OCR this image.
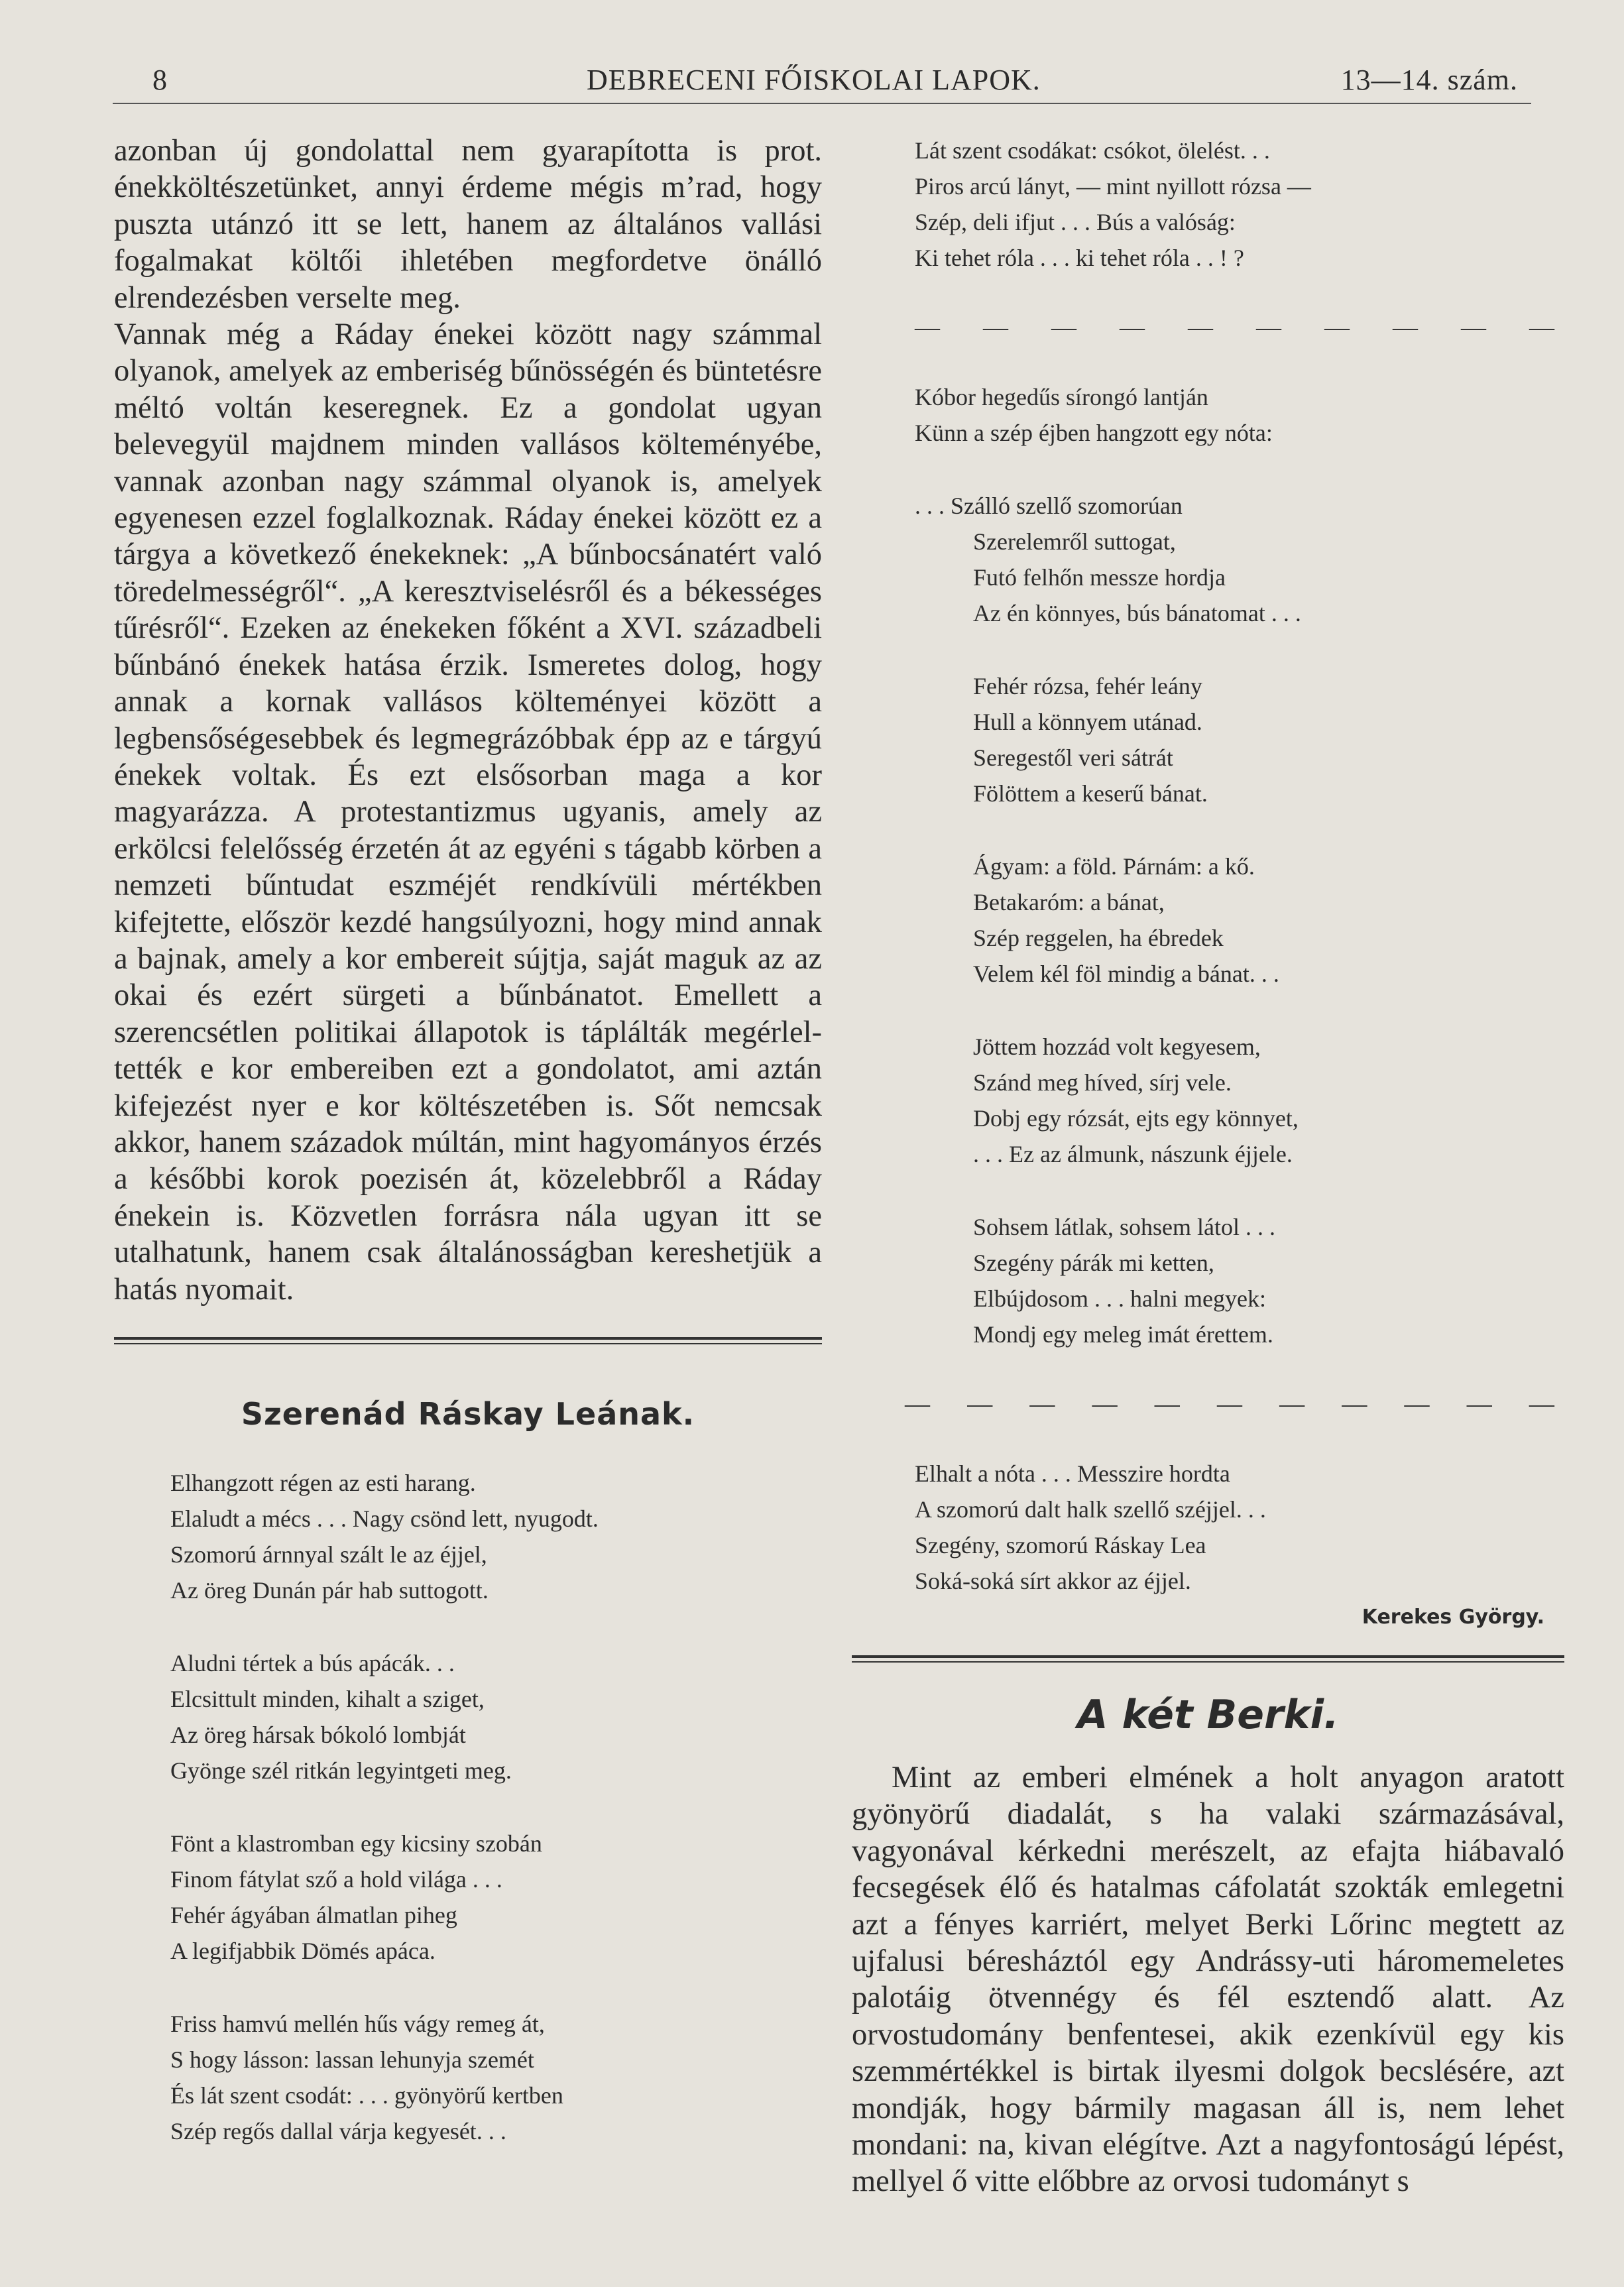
8	DEBRECENI FŐISKOLAI LAPOK.	13—14. szám.

azonban új gondolattal nem gyarapította is prot. énekköltészetünket, annyi érdeme mégis m’rad, hogy puszta utánzó itt se lett, hanem az általános vallási fogalmakat költői ihletében megfordetve önálló elrendezésben verselte meg.

Vannak még a Ráday énekei között nagy számmal olyanok, amelyek az emberiség bűnösségén és büntetésre méltó voltán keseregnek. Ez a gondolat ugyan belevegyül majdnem minden vallásos költeményébe, vannak azonban nagy számmal olyanok is, amelyek egyenesen ezzel foglalkoznak. Ráday énekei között ez a tárgya a következő énekeknek: „A bűnbocsánatért való töredelmességről“. „A keresztviselésről és a békességes tűrésről“. Ezeken az énekeken főként a XVI. századbeli bűnbánó énekek hatása érzik. Ismeretes dolog, hogy annak a kornak vallásos költeményei között a legbensőségesebbek és legmegrázóbbak épp az e tárgyú énekek voltak. És ezt elsősorban maga a kor magyarázza. A protestantizmus ugyanis, amely az erkölcsi felelősség érzetén át az egyéni s tágabb körben a nemzeti bűntudat eszméjét rendkívüli mértékben kifejtette, először kezdé hangsúlyozni, hogy mind annak a bajnak, amely a kor embereit sújtja, saját maguk az az okai és ezért sürgeti a bűnbánatot. Emellett a szerencsétlen politikai állapotok is táplálták megérlel-tették e kor embereiben ezt a gondolatot, ami aztán kifejezést nyer e kor költészetében is. Sőt nemcsak akkor, hanem századok múltán, mint hagyományos érzés a későbbi korok poezisén át, közelebbről a Ráday énekein is. Közvetlen forrásra nála ugyan itt se utalhatunk, hanem csak általánosságban kereshetjük a hatás nyomait.

Szerenád Ráskay Leának.
Elhangzott régen az esti harang.
Elaludt a mécs . . . Nagy csönd lett, nyugodt.
Szomorú árnnyal szált le az éjjel,
Az öreg Dunán pár hab suttogott.
Aludni tértek a bús apácák. . .
Elcsittult minden, kihalt a sziget,
Az öreg hársak bókoló lombját
Gyönge szél ritkán legyintgeti meg.
Fönt a klastromban egy kicsiny szobán
Finom fátylat sző a hold világa . . .
Fehér ágyában álmatlan piheg
A legifjabbik Dömés apáca.
Friss hamvú mellén hűs vágy remeg át,
S hogy lásson: lassan lehunyja szemét
És lát szent csodát: . . . gyönyörű kertben
Szép regős dallal várja kegyesét. . .
Lát szent csodákat: csókot, ölelést. . .
Piros arcú lányt, — mint nyillott rózsa —
Szép, deli ifjut . . . Bús a valóság:
Ki tehet róla . . . ki tehet róla . . ! ?
— — — — — — — — — —
Kóbor hegedűs sírongó lantján
Künn a szép éjben hangzott egy nóta:
. . . Szálló szellő szomorúan
Szerelemről suttogat,
Futó felhőn messze hordja
Az én könnyes, bús bánatomat . . .
Fehér rózsa, fehér leány
Hull a könnyem utánad.
Seregestől veri sátrát
Fölöttem a keserű bánat.
Ágyam: a föld. Párnám: a kő.
Betakaróm: a bánat,
Szép reggelen, ha ébredek
Velem kél föl mindig a bánat. . .
Jöttem hozzád volt kegyesem,
Szánd meg híved, sírj vele.
Dobj egy rózsát, ejts egy könnyet,
. . . Ez az álmunk, nászunk éjjele.
Sohsem látlak, sohsem látol . . .
Szegény párák mi ketten,
Elbújdosom . . . halni megyek:
Mondj egy meleg imát érettem.
— — — — — — — — — — —
Elhalt a nóta . . . Messzire hordta
A szomorú dalt halk szellő széjjel. . .
Szegény, szomorú Ráskay Lea
Soká-soká sírt akkor az éjjel.
Kerekes György.
A két Berki.

Mint az emberi elmének a holt anyagon aratott gyönyörű diadalát, s ha valaki származásával, vagyonával kérkedni merészelt, az efajta hiábavaló fecsegések élő és hatalmas cáfolatát szokták emlegetni azt a fényes karriért, melyet Berki Lőrinc megtett az ujfalusi béresháztól egy Andrássy-uti háromemeletes palotáig ötvennégy és fél esztendő alatt. Az orvostudomány benfentesei, akik ezenkívül egy kis szemmértékkel is birtak ilyesmi dolgok becslésére, azt mondják, hogy bármily magasan áll is, nem lehet mondani: na, kivan elégítve. Azt a nagyfontoságú lépést, mellyel ő vitte előbbre az orvosi tudományt s
